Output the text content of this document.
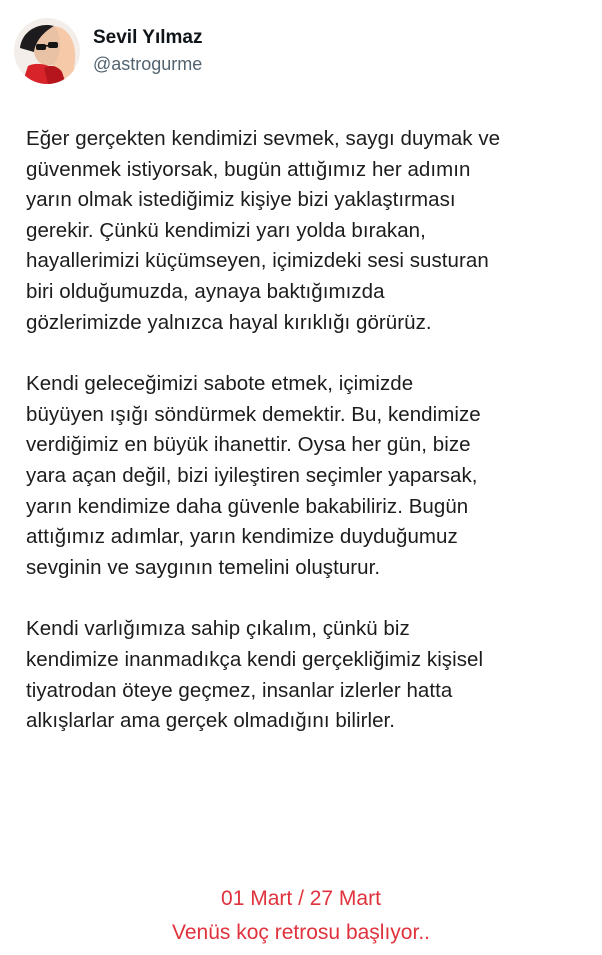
Sevil Yılmaz
@astrogurme

Eğer gerçekten kendimizi sevmek, saygı duymak ve
güvenmek istiyorsak, bugün attığımız her adımın
yarın olmak istediğimiz kişiye bizi yaklaştırması
gerekir. Çünkü kendimizi yarı yolda bırakan,
hayallerimizi küçümseyen, içimizdeki sesi susturan
biri olduğumuzda, aynaya baktığımızda
gözlerimizde yalnızca hayal kırıklığı görürüz.

Kendi geleceğimizi sabote etmek, içimizde
büyüyen ışığı söndürmek demektir. Bu, kendimize
verdiğimiz en büyük ihanettir. Oysa her gün, bize
yara açan değil, bizi iyileştiren seçimler yaparsak,
yarın kendimize daha güvenle bakabiliriz. Bugün
attığımız adımlar, yarın kendimize duyduğumuz
sevginin ve saygının temelini oluşturur.

Kendi varlığımıza sahip çıkalım, çünkü biz
kendimize inanmadıkça kendi gerçekliğimiz kişisel
tiyatrodan öteye geçmez, insanlar izlerler hatta
alkışlarlar ama gerçek olmadığını bilirler.

01 Mart / 27 Mart
Venüs koç retrosu başlıyor..
